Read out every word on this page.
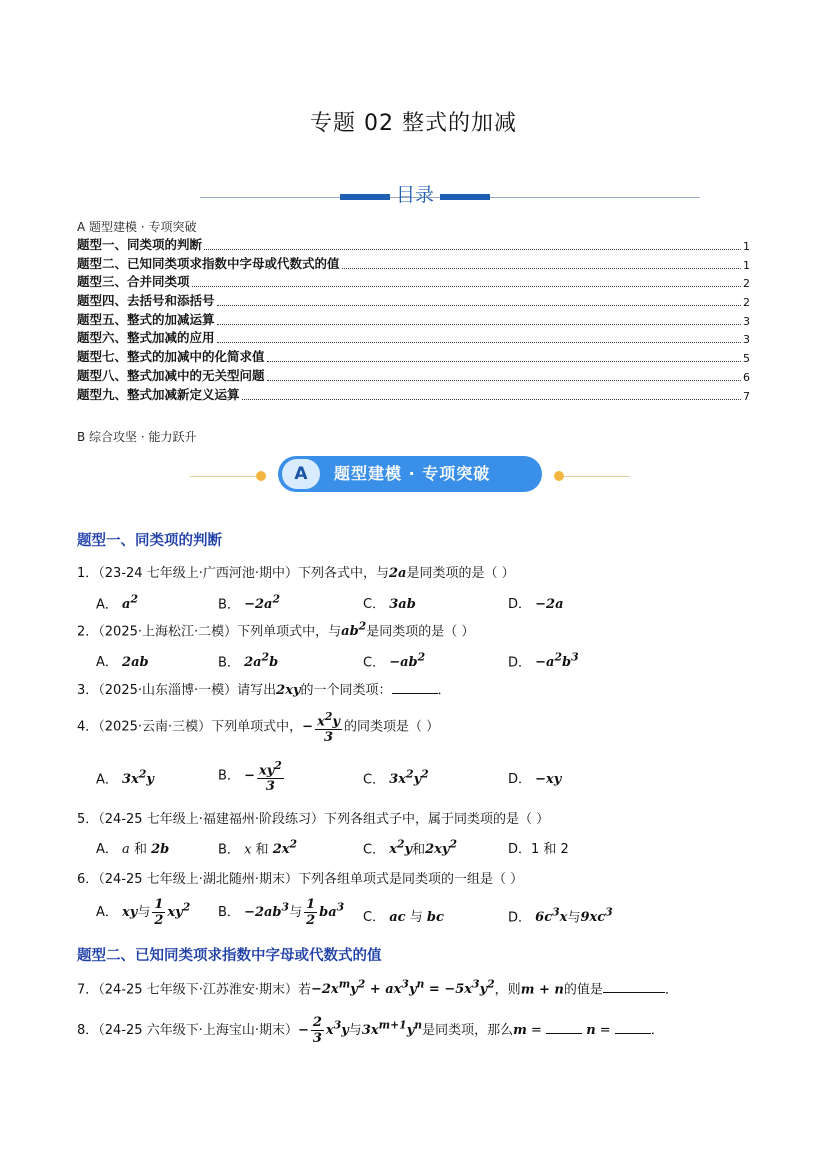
专题 02 整式的加减
目录
A 题型建模 · 专项突破
题型一、同类项的判断	1
题型二、已知同类项求指数中字母或代数式的值	1
题型三、合并同类项	2
题型四、去括号和添括号	2
题型五、整式的加减运算	3
题型六、整式加减的应用	3
题型七、整式的加减中的化简求值	5
题型八、整式加减中的无关型问题	6
题型九、整式加减新定义运算	7
B 综合攻坚 · 能力跃升
A	题型建模 · 专项突破
题型一、同类项的判断
1．（23-24 七年级上·广西河池·期中）下列各式中，与2a是同类项的是（ ）
A． $a^2$	B． $-2a^2$	C． 3ab	D． −2a
2．（2025·上海松江·二模）下列单项式中，与$ab^2$是同类项的是（ ）
A． 2ab	B． $2a^2b$	C． $-ab^2$	D． $-a^2b^3$
3．（2025·山东淄博·一模）请写出2xy的一个同类项：	．
4．（2025·云南·三模）下列单项式中，− $\frac{x^2y}{3}$ 的同类项是（ ）
A． $3x^2y$	B． − $\frac{xy^2}{3}$	C． $3x^2y^2$	D． −xy
5．（24-25 七年级上·福建福州·阶段练习）下列各组式子中，属于同类项的是（ ）
A． a 和 2b	B． x 和 $2x^2$	C． $x^2y$和$2xy^2$	D．1 和 2
6．（24-25 七年级上·湖北随州·期末）下列各组单项式是同类项的一组是（ ）
A． xy与 $\frac{1}{2} xy^2$ B． $-2ab^3$与 $\frac{1}{2} ba^3$
C． ac 与 bc	D． $6c^3x$与$9xc^3$
题型二、已知同类项求指数中字母或代数式的值
7．（24-25 七年级下·江苏淮安·期末）若$-2x^my^2 + ax^3y^n = -5x^3y^2$，则m + n的值是	．
8．（24-25 六年级下·上海宝山·期末）− $\frac{2}{3} x^3y$与$3x^{m+1}y^n$是同类项，那么m =	n =	．
